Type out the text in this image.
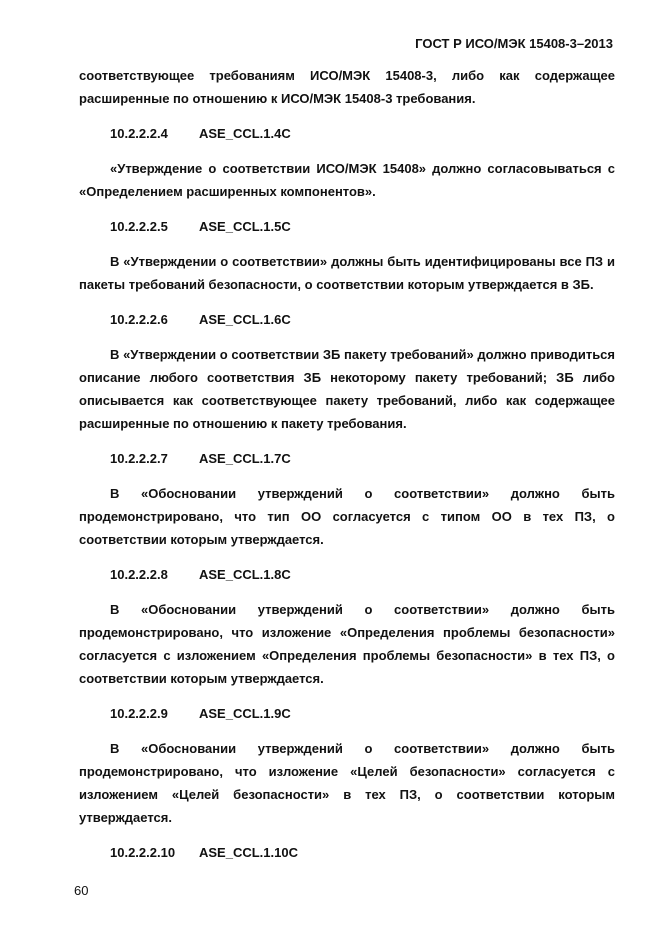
ГОСТ Р ИСО/МЭК 15408-3–2013

соответствующее требованиям ИСО/МЭК 15408-3, либо как содержащее расширенные по отношению к ИСО/МЭК 15408-3 требования.

10.2.2.2.4	ASE_CCL.1.4C

«Утверждение о соответствии ИСО/МЭК 15408» должно согласовываться с «Определением расширенных компонентов».

10.2.2.2.5	ASE_CCL.1.5C

В «Утверждении о соответствии» должны быть идентифицированы все ПЗ и пакеты требований безопасности, о соответствии которым утверждается в ЗБ.

10.2.2.2.6	ASE_CCL.1.6C

В «Утверждении о соответствии ЗБ пакету требований» должно приводиться описание любого соответствия ЗБ некоторому пакету требований; ЗБ либо описывается как соответствующее пакету требований, либо как содержащее расширенные по отношению к пакету требования.

10.2.2.2.7	ASE_CCL.1.7C

В «Обосновании утверждений о соответствии» должно быть продемонстрировано, что тип ОО согласуется с типом ОО в тех ПЗ, о соответствии которым утверждается.

10.2.2.2.8	ASE_CCL.1.8C

В «Обосновании утверждений о соответствии» должно быть продемонстрировано, что изложение «Определения проблемы безопасности» согласуется с изложением «Определения проблемы безопасности» в тех ПЗ, о соответствии которым утверждается.

10.2.2.2.9	ASE_CCL.1.9C

В «Обосновании утверждений о соответствии» должно быть продемонстрировано, что изложение «Целей безопасности» согласуется с изложением «Целей безопасности» в тех ПЗ, о соответствии которым утверждается.

10.2.2.2.10	ASE_CCL.1.10C
60
